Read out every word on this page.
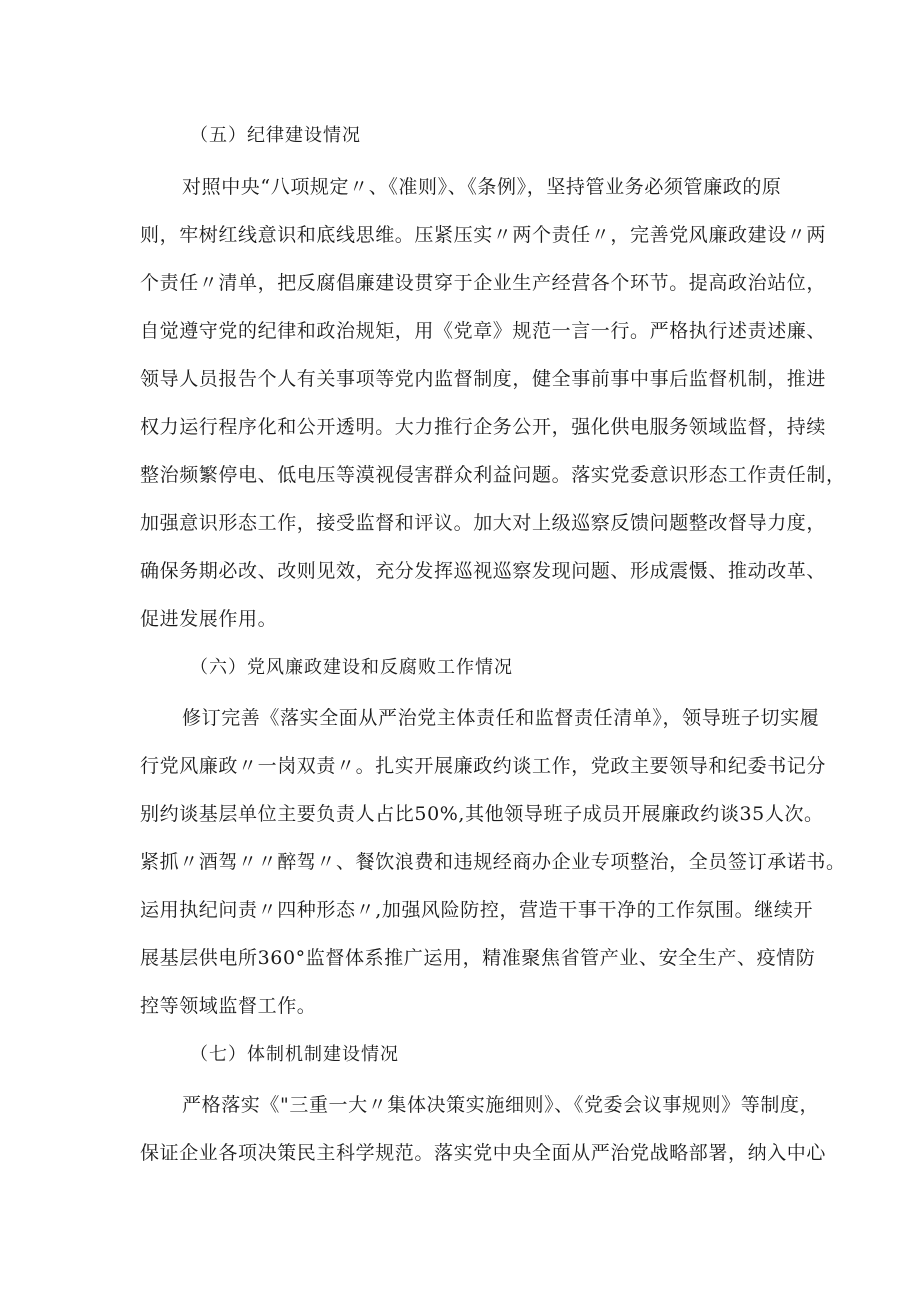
（五）纪律建设情况
对照中央“八项规定〃、《准则》、《条例》，坚持管业务必须管廉政的原
则，牢树红线意识和底线思维。压紧压实〃两个责任〃，完善党风廉政建设〃两
个责任〃清单，把反腐倡廉建设贯穿于企业生产经营各个环节。提高政治站位，
自觉遵守党的纪律和政治规矩，用《党章》规范一言一行。严格执行述责述廉、
领导人员报告个人有关事项等党内监督制度，健全事前事中事后监督机制，推进
权力运行程序化和公开透明。大力推行企务公开，强化供电服务领域监督，持续
整治频繁停电、低电压等漠视侵害群众利益问题。落实党委意识形态工作责任制，
加强意识形态工作，接受监督和评议。加大对上级巡察反馈问题整改督导力度，
确保务期必改、改则见效，充分发挥巡视巡察发现问题、形成震慑、推动改革、
促进发展作用。
（六）党风廉政建设和反腐败工作情况
修订完善《落实全面从严治党主体责任和监督责任清单》，领导班子切实履
行党风廉政〃一岗双责〃。扎实开展廉政约谈工作，党政主要领导和纪委书记分
别约谈基层单位主要负责人占比50%,其他领导班子成员开展廉政约谈35人次。
紧抓〃酒驾〃〃醉驾〃、餐饮浪费和违规经商办企业专项整治，全员签订承诺书。
运用执纪问责〃四种形态〃,加强风险防控，营造干事干净的工作氛围。继续开
展基层供电所360°监督体系推广运用，精准聚焦省管产业、安全生产、疫情防
控等领域监督工作。
（七）体制机制建设情况
严格落实《"三重一大〃集体决策实施细则》、《党委会议事规则》等制度，
保证企业各项决策民主科学规范。落实党中央全面从严治党战略部署，纳入中心
